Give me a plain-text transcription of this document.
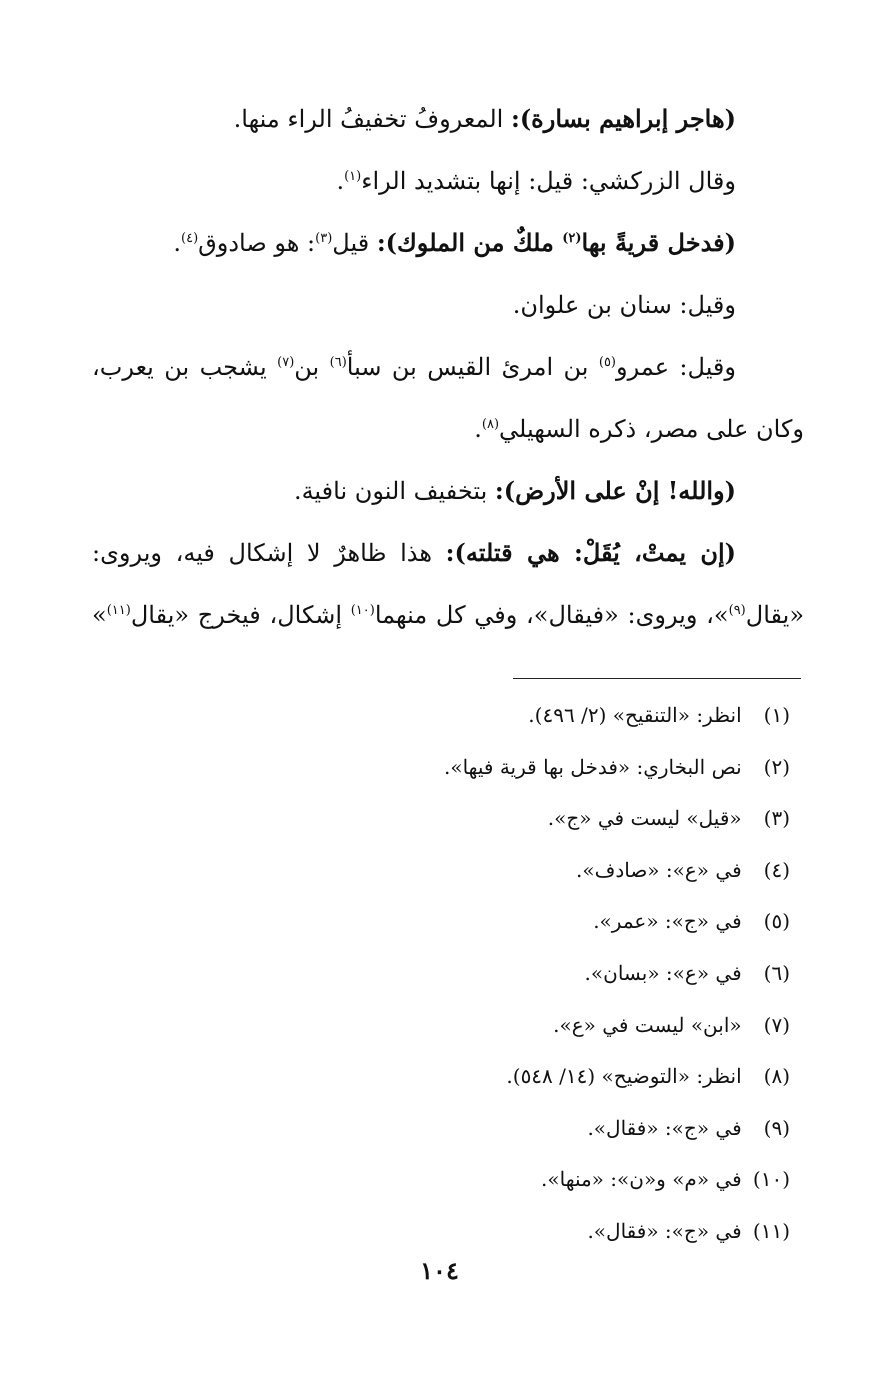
(هاجر إبراهيم بسارة): المعروفُ تخفيفُ الراء منها.

وقال الزركشي: قيل: إنها بتشديد الراء$^{(١)}$.

(فدخل قريةً بها$^{(٢)}$ ملكٌ من الملوك): قيل$^{(٣)}$: هو صادوق$^{(٤)}$.

وقيل: سنان بن علوان.

وقيل: عمرو$^{(٥)}$ بن امرئ القيس بن سبأ$^{(٦)}$ بن$^{(٧)}$ يشجب بن يعرب،

وكان على مصر، ذكره السهيلي$^{(٨)}$.

(والله! إنْ على الأرض): بتخفيف النون نافية.

(إن يمتْ، يُقَلْ: هي قتلته): هذا ظاهرٌ لا إشكال فيه، ويروى:

«يقال$^{(٩)}$»، ويروى: «فيقال»، وفي كل منهما$^{(١٠)}$ إشكال، فيخرج «يقال$^{(١١)}$»

(١) انظر: «التنقيح» (٢/ ٤٩٦).

(٢) نص البخاري: «فدخل بها قرية فيها».

(٣) «قيل» ليست في «ج».

(٤) في «ع»: «صادف».

(٥) في «ج»: «عمر».

(٦) في «ع»: «بسان».

(٧) «ابن» ليست في «ع».

(٨) انظر: «التوضيح» (١٤/ ٥٤٨).

(٩) في «ج»: «فقال».

(١٠) في «م» و«ن»: «منها».

(١١) في «ج»: «فقال».

١٠٤
